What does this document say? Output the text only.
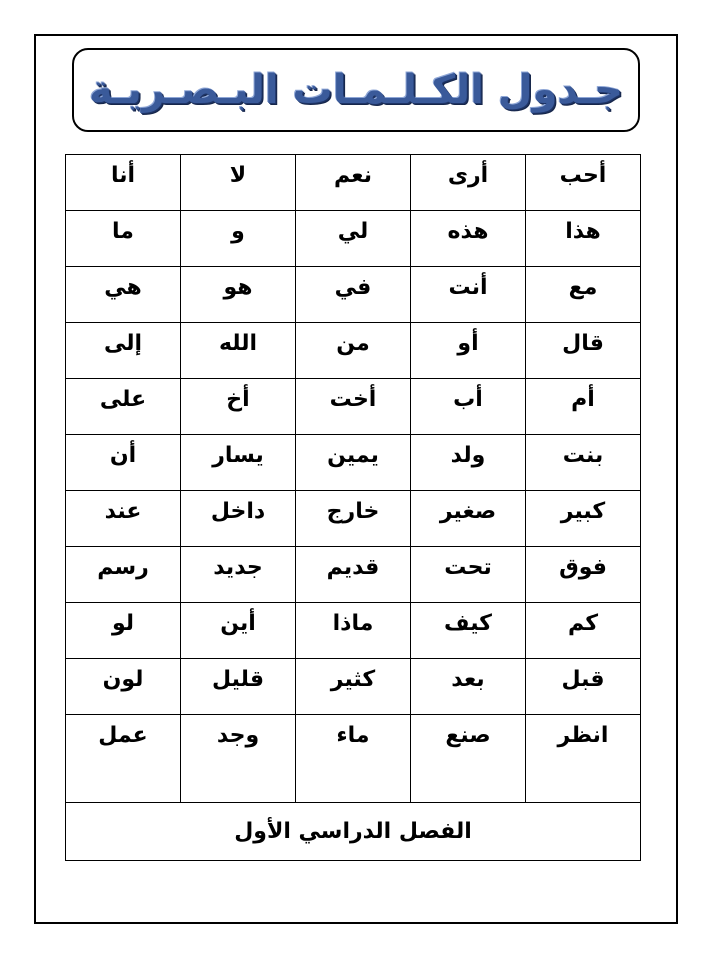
جـدول الكـلـمـات البـصـريـة
أحب	أرى	نعم	لا	أنا
هذا	هذه	لي	و	ما
مع	أنت	في	هو	هي
قال	أو	من	الله	إلى
أم	أب	أخت	أخ	على
بنت	ولد	يمين	يسار	أن
كبير	صغير	خارج	داخل	عند
فوق	تحت	قديم	جديد	رسم
كم	كيف	ماذا	أين	لو
قبل	بعد	كثير	قليل	لون
انظر	صنع	ماء	وجد	عمل
الفصل الدراسي الأول				
